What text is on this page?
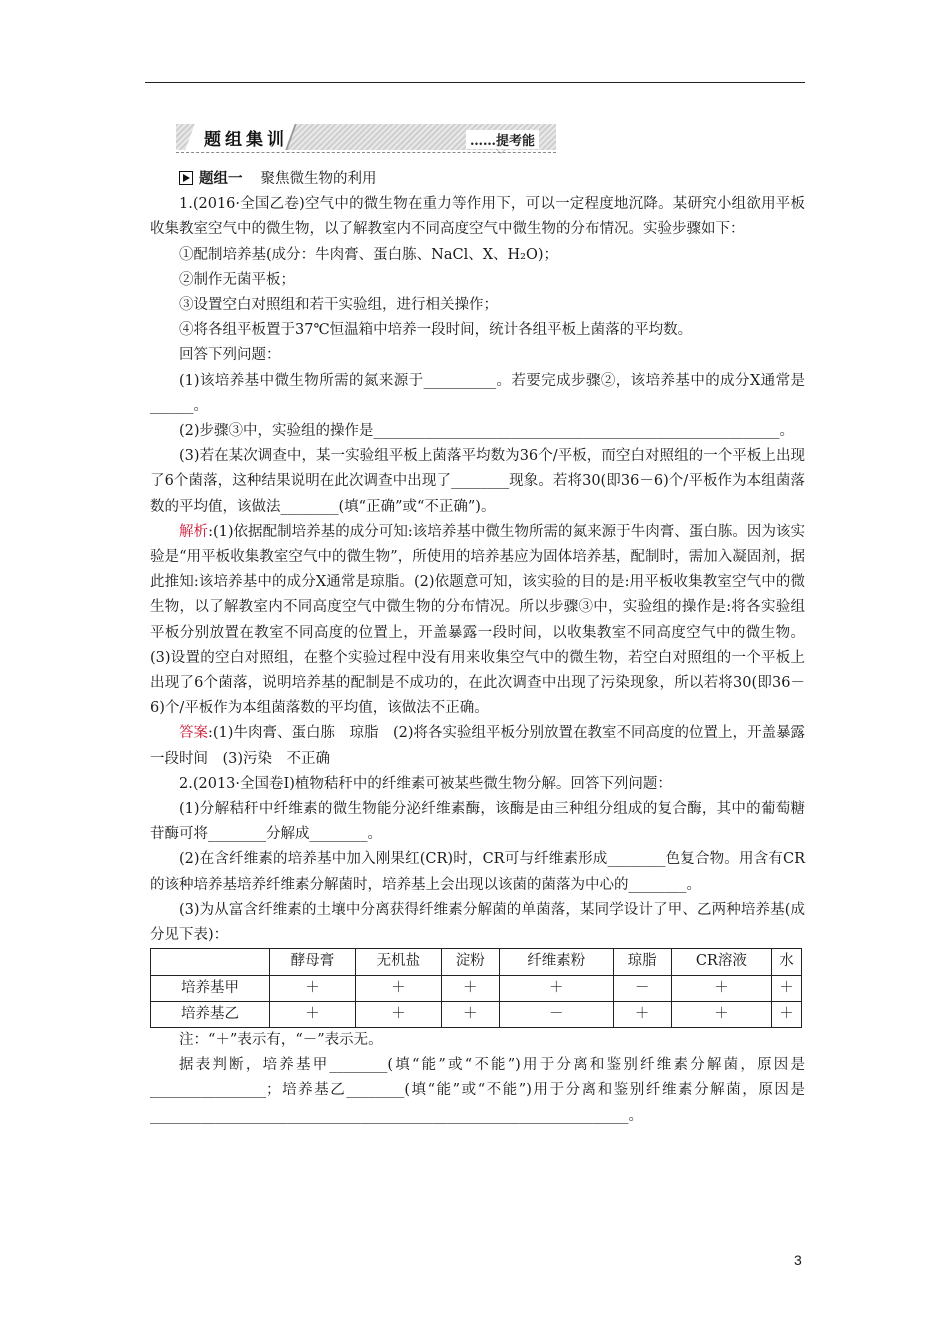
题组集训	……提考能
﹀

题组一 聚焦微生物的利用

1.(2016·全国乙卷)空气中的微生物在重力等作用下，可以一定程度地沉降。某研究小组欲用平板收集教室空气中的微生物，以了解教室内不同高度空气中微生物的分布情况。实验步骤如下：

①配制培养基(成分：牛肉膏、蛋白胨、NaCl、X、H₂O)；

②制作无菌平板；

③设置空白对照组和若干实验组，进行相关操作；

④将各组平板置于37℃恒温箱中培养一段时间，统计各组平板上菌落的平均数。

回答下列问题：

(1)该培养基中微生物所需的氮来源于__________。若要完成步骤②，该培养基中的成分X通常是______。

(2)步骤③中，实验组的操作是________________________________________________________。

(3)若在某次调查中，某一实验组平板上菌落平均数为36个/平板，而空白对照组的一个平板上出现了6个菌落，这种结果说明在此次调查中出现了________现象。若将30(即36－6)个/平板作为本组菌落数的平均值，该做法________(填“正确”或“不正确”)。

解析:(1)依据配制培养基的成分可知:该培养基中微生物所需的氮来源于牛肉膏、蛋白胨。因为该实验是“用平板收集教室空气中的微生物”，所使用的培养基应为固体培养基，配制时，需加入凝固剂，据此推知:该培养基中的成分X通常是琼脂。(2)依题意可知，该实验的目的是:用平板收集教室空气中的微生物，以了解教室内不同高度空气中微生物的分布情况。所以步骤③中，实验组的操作是:将各实验组平板分别放置在教室不同高度的位置上，开盖暴露一段时间，以收集教室不同高度空气中的微生物。(3)设置的空白对照组，在整个实验过程中没有用来收集空气中的微生物，若空白对照组的一个平板上出现了6个菌落，说明培养基的配制是不成功的，在此次调查中出现了污染现象，所以若将30(即36－6)个/平板作为本组菌落数的平均值，该做法不正确。

答案:(1)牛肉膏、蛋白胨　琼脂　(2)将各实验组平板分别放置在教室不同高度的位置上，开盖暴露一段时间　(3)污染　不正确

2.(2013·全国卷Ⅰ)植物秸秆中的纤维素可被某些微生物分解。回答下列问题：

(1)分解秸秆中纤维素的微生物能分泌纤维素酶，该酶是由三种组分组成的复合酶，其中的葡萄糖苷酶可将________分解成________。

(2)在含纤维素的培养基中加入刚果红(CR)时，CR可与纤维素形成________色复合物。用含有CR的该种培养基培养纤维素分解菌时，培养基上会出现以该菌的菌落为中心的________。

(3)为从富含纤维素的土壤中分离获得纤维素分解菌的单菌落，某同学设计了甲、乙两种培养基(成分见下表)：

	酵母膏	无机盐	淀粉	纤维素粉	琼脂	CR溶液	水
培养基甲	＋	＋	＋	＋	－	＋	＋
培养基乙	＋	＋	＋	－	＋	＋	＋

注：“＋”表示有，“－”表示无。

据表判断，培养基甲________(填“能”或“不能”)用于分离和鉴别纤维素分解菌，原因是________________；培养基乙________(填“能”或“不能”)用于分离和鉴别纤维素分解菌，原因是__________________________________________________________________。

3
